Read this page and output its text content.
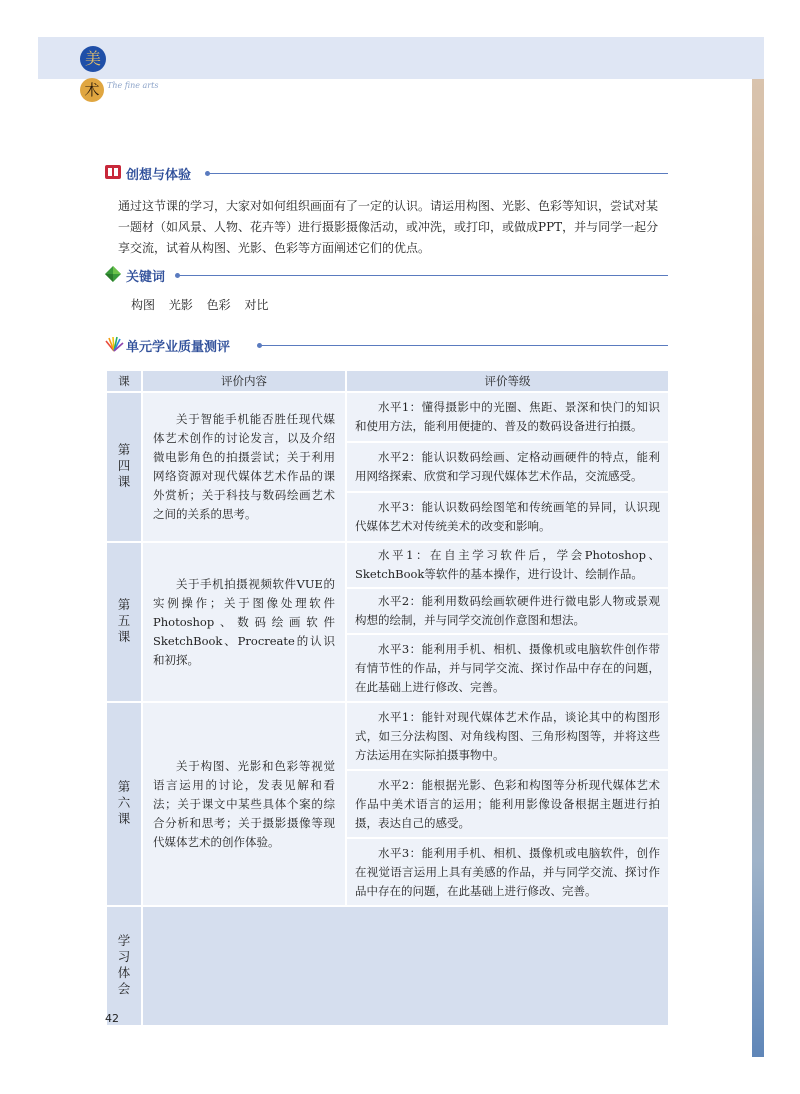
美
术 The fine arts
创想与体验

通过这节课的学习，大家对如何组织画面有了一定的认识。请运用构图、光影、色彩等知识，尝试对某一题材（如风景、人物、花卉等）进行摄影摄像活动，或冲洗，或打印，或做成PPT，并与同学一起分享交流，试着从构图、光影、色彩等方面阐述它们的优点。

关键词
构图 光影 色彩 对比
单元学业质量测评
课	评价内容	评价等级
第四课	关于智能手机能否胜任现代媒体艺术创作的讨论发言，以及介绍微电影角色的拍摄尝试；关于利用网络资源对现代媒体艺术作品的课外赏析；关于科技与数码绘画艺术之间的关系的思考。	水平1：懂得摄影中的光圈、焦距、景深和快门的知识和使用方法，能利用便捷的、普及的数码设备进行拍摄。

		水平2：能认识数码绘画、定格动画硬件的特点，能利用网络探索、欣赏和学习现代媒体艺术作品，交流感受。

		水平3：能认识数码绘图笔和传统画笔的异同，认识现代媒体艺术对传统美术的改变和影响。

第五课	关于手机拍摄视频软件VUE的实例操作；关于图像处理软件Photoshop、数码绘画软件SketchBook、Procreate的认识和初探。	水平1：在自主学习软件后，学会Photoshop、SketchBook等软件的基本操作，进行设计、绘制作品。

		水平2：能利用数码绘画软硬件进行微电影人物或景观构想的绘制，并与同学交流创作意图和想法。

		水平3：能利用手机、相机、摄像机或电脑软件创作带有情节性的作品，并与同学交流、探讨作品中存在的问题，在此基础上进行修改、完善。

第六课	关于构图、光影和色彩等视觉语言运用的讨论，发表见解和看法；关于课文中某些具体个案的综合分析和思考；关于摄影摄像等现代媒体艺术的创作体验。	水平1：能针对现代媒体艺术作品，谈论其中的构图形式，如三分法构图、对角线构图、三角形构图等，并将这些方法运用在实际拍摄事物中。

		水平2：能根据光影、色彩和构图等分析现代媒体艺术作品中美术语言的运用；能利用影像设备根据主题进行拍摄，表达自己的感受。

		水平3：能利用手机、相机、摄像机或电脑软件，创作在视觉语言运用上具有美感的作品，并与同学交流、探讨作品中存在的问题，在此基础上进行修改、完善。

学习体会		
42
